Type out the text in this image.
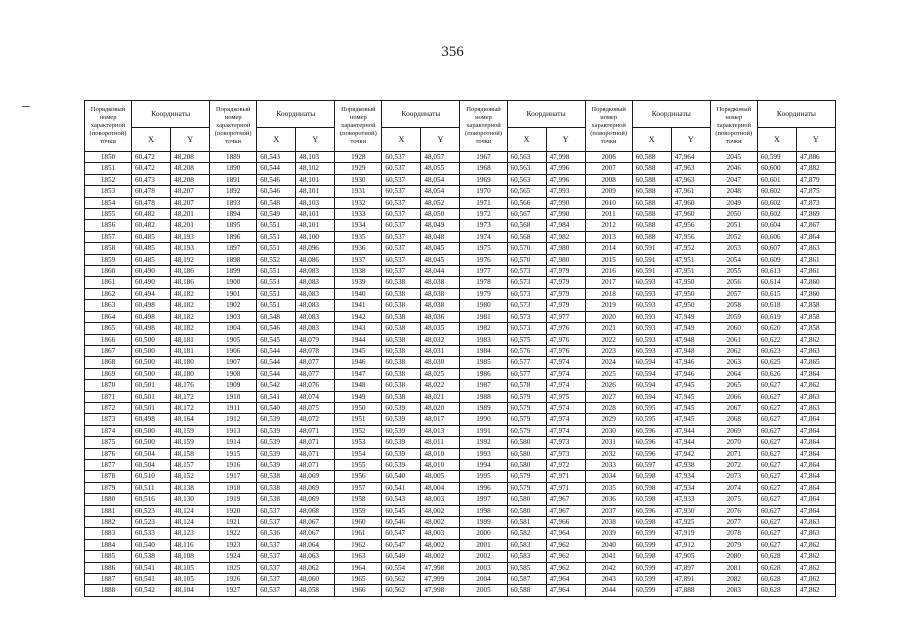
356
ـــ	Порядковый номер характерной (поворотной) точки	Координаты		Порядковый номер характерной (поворотной) точки	Координаты		Порядковый номер характерной (поворотной) точки	Координаты		Порядковый номер характерной (поворотной) точки	Координаты		Порядковый номер характерной (поворотной) точки	Координаты		Порядковый номер характерной (поворотной) точки	Координаты	
	X	Y		X	Y		X	Y		X	Y		X	Y		X	Y
1850	60,472	48,208	1889	60,543	48,103	1928	60,537	48,057	1967	60,563	47,998	2006	60,588	47,964	2045	60,599	47,886
1851	60,472	48,208	1890	60,544	48,102	1929	60,537	48,055	1968	60,563	47,996	2007	60,588	47,963	2046	60,600	47,882
1852	60,473	48,208	1891	60,546	48,101	1930	60,537	48,054	1969	60,563	47,996	2008	60,588	47,963	2047	60,601	47,879
1853	60,478	48,207	1892	60,546	48,101	1931	60,537	48,054	1970	60,565	47,993	2009	60,588	47,961	2048	60,602	47,875
1854	60,478	48,207	1893	60,548	48,103	1932	60,537	48,052	1971	60,566	47,990	2010	60,588	47,960	2049	60,602	47,873
1855	60,482	48,201	1894	60,549	48,101	1933	60,537	48,050	1972	60,567	47,990	2011	60,588	47,960	2050	60,602	47,869
1856	60,482	48,201	1895	60,551	48,101	1934	60,537	48,049	1973	60,568	47,984	2012	60,588	47,956	2051	60,604	47,867
1857	60,485	48,193	1896	60,551	48,100	1935	60,537	48,048	1974	60,568	47,982	2013	60,588	47,956	2052	60,606	47,864
1858	60,485	48,193	1897	60,551	48,096	1936	60,537	48,045	1975	60,570	47,980	2014	60,591	47,952	2053	60,607	47,863
1859	60,485	48,192	1898	60,552	48,086	1937	60,537	48,045	1976	60,570	47,980	2015	60,591	47,951	2054	60,609	47,861
1860	60,490	48,186	1899	60,551	48,083	1938	60,537	48,044	1977	60,573	47,979	2016	60,591	47,951	2055	60,613	47,861
1861	60,490	48,186	1900	60,551	48,083	1939	60,538	48,038	1978	60,573	47,979	2017	60,593	47,950	2056	60,614	47,860
1862	60,494	48,182	1901	60,551	48,083	1940	60,538	48,038	1979	60,573	47,979	2018	60,593	47,950	2057	60,615	47,860
1863	60,498	48,182	1902	60,551	48,083	1941	60,538	48,038	1980	60,573	47,979	2019	60,593	47,950	2058	60,618	47,858
1864	60,498	48,182	1903	60,548	48,083	1942	60,538	48,036	1981	60,573	47,977	2020	60,593	47,949	2059	60,619	47,858
1865	60,498	48,182	1904	60,546	48,083	1943	60,538	48,035	1982	60,573	47,976	2021	60,593	47,949	2060	60,620	47,858
1866	60,500	48,181	1905	60,545	48,079	1944	60,538	48,032	1983	60,575	47,976	2022	60,593	47,948	2061	60,622	47,862
1867	60,500	48,181	1906	60,544	48,078	1945	60,538	48,031	1984	60,576	47,976	2023	60,593	47,948	2062	60,623	47,863
1868	60,500	48,180	1907	60,544	48,077	1946	60,538	48,030	1985	60,577	47,974	2024	60,594	47,946	2063	60,625	47,865
1869	60,500	48,180	1908	60,544	48,077	1947	60,538	48,025	1986	60,577	47,974	2025	60,594	47,946	2064	60,626	47,864
1870	60,501	48,176	1909	60,542	48,076	1948	60,538	48,022	1987	60,578	47,974	2026	60,594	47,945	2065	60,627	47,862
1871	60,501	48,172	1910	60,541	48,074	1949	60,538	48,021	1988	60,579	47,975	2027	60,594	47,945	2066	60,627	47,863
1872	60,501	48,172	1911	60,540	48,075	1950	60,539	48,020	1989	60,579	47,974	2028	60,595	47,945	2067	60,627	47,863
1873	60,498	48,164	1912	60,539	48,072	1951	60,539	48,017	1990	60,579	47,974	2029	60,595	47,945	2068	60,627	47,864
1874	60,500	48,159	1913	60,539	48,071	1952	60,539	48,013	1991	60,579	47,974	2030	60,596	47,944	2069	60,627	47,864
1875	60,500	48,159	1914	60,539	48,071	1953	60,539	48,011	1992	60,580	47,973	2031	60,596	47,944	2070	60,627	47,864
1876	60,504	48,158	1915	60,539	48,071	1954	60,539	48,010	1993	60,580	47,973	2032	60,596	47,942	2071	60,627	47,864
1877	60,504	48,157	1916	60,539	48,071	1955	60,539	48,010	1994	60,580	47,972	2033	60,597	47,938	2072	60,627	47,864
1878	60,510	48,152	1917	60,538	48,069	1956	60,540	48,005	1995	60,579	47,971	2034	60,598	47,934	2073	60,627	47,864
1879	60,511	48,138	1918	60,538	48,069	1957	60,541	48,004	1996	60,579	47,971	2035	60,598	47,934	2074	60,627	47,864
1880	60,516	48,130	1919	60,538	48,069	1958	60,543	48,003	1997	60,580	47,967	2036	60,598	47,933	2075	60,627	47,864
1881	60,523	48,124	1920	60,537	48,068	1959	60,545	48,002	1998	60,580	47,967	2037	60,596	47,930	2076	60,627	47,864
1882	60,523	48,124	1921	60,537	48,067	1960	60,546	48,002	1999	60,581	47,966	2038	60,598	47,925	2077	60,627	47,863
1883	60,533	48,123	1922	60,536	48,067	1961	60,547	48,003	2000	60,582	47,964	2039	60,599	47,919	2078	60,627	47,863
1884	60,540	48,116	1923	60,537	48,064	1962	60,547	48,002	2001	60,583	47,962	2040	60,599	47,912	2079	60,627	47,862
1885	60,538	48,108	1924	60,537	48,063	1963	60,549	48,002	2002	60,583	47,962	2041	60,598	47,905	2080	60,628	47,862
1886	60,541	48,105	1925	60,537	48,062	1964	60,554	47,998	2003	60,585	47,962	2042	60,599	47,897	2081	60,628	47,862
1887	60,541	48,105	1926	60,537	48,060	1965	60,562	47,999	2004	60,587	47,964	2043	60,599	47,891	2082	60,628	47,862
1888	60,542	48,104	1927	60,537	48,058	1966	60,562	47,998	2005	60,588	47,964	2044	60,599	47,888	2083	60,628	47,862
